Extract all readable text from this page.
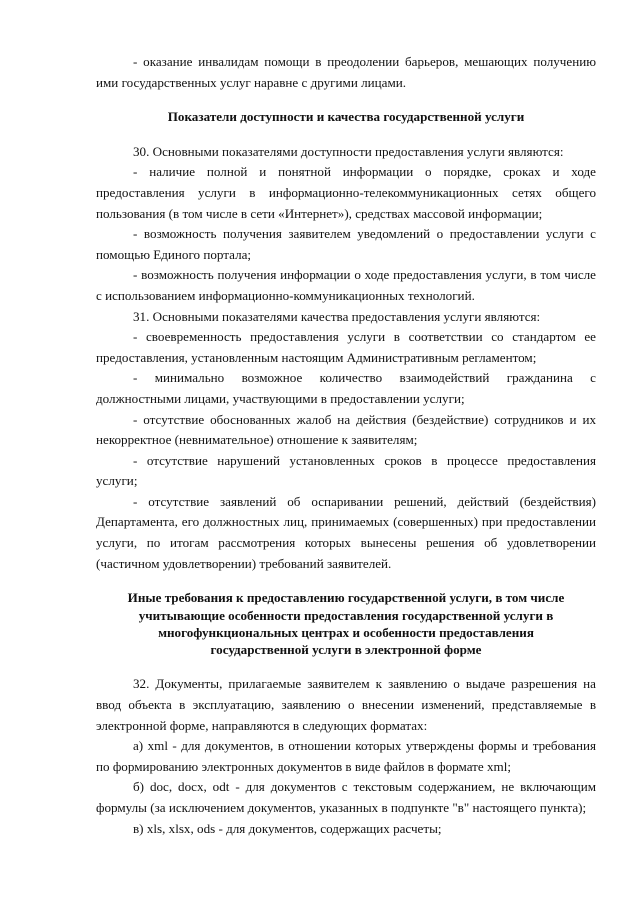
- оказание инвалидам помощи в преодолении барьеров, мешающих получению ими государственных услуг наравне с другими лицами.

Показатели доступности и качества государственной услуги

30. Основными показателями доступности предоставления услуги являются:

- наличие полной и понятной информации о порядке, сроках и ходе предоставления услуги в информационно-телекоммуникационных сетях общего пользования (в том числе в сети «Интернет»), средствах массовой информации;

- возможность получения заявителем уведомлений о предоставлении услуги с помощью Единого портала;

- возможность получения информации о ходе предоставления услуги, в том числе с использованием информационно-коммуникационных технологий.

31. Основными показателями качества предоставления услуги являются:

- своевременность предоставления услуги в соответствии со стандартом ее предоставления, установленным настоящим Административным регламентом;

- минимально возможное количество взаимодействий гражданина с должностными лицами, участвующими в предоставлении услуги;

- отсутствие обоснованных жалоб на действия (бездействие) сотрудников и их некорректное (невнимательное) отношение к заявителям;

- отсутствие нарушений установленных сроков в процессе предоставления услуги;

- отсутствие заявлений об оспаривании решений, действий (бездействия) Департамента, его должностных лиц, принимаемых (совершенных) при предоставлении услуги, по итогам рассмотрения которых вынесены решения об удовлетворении (частичном удовлетворении) требований заявителей.

Иные требования к предоставлению государственной услуги, в том числе
учитывающие особенности предоставления государственной услуги в
многофункциональных центрах и особенности предоставления
государственной услуги в электронной форме

32. Документы, прилагаемые заявителем к заявлению о выдаче разрешения на ввод объекта в эксплуатацию, заявлению о внесении изменений, представляемые в электронной форме, направляются в следующих форматах:

а) xml - для документов, в отношении которых утверждены формы и требования по формированию электронных документов в виде файлов в формате xml;

б) doc, docx, odt - для документов с текстовым содержанием, не включающим формулы (за исключением документов, указанных в подпункте "в" настоящего пункта);

в) xls, xlsx, ods - для документов, содержащих расчеты;
